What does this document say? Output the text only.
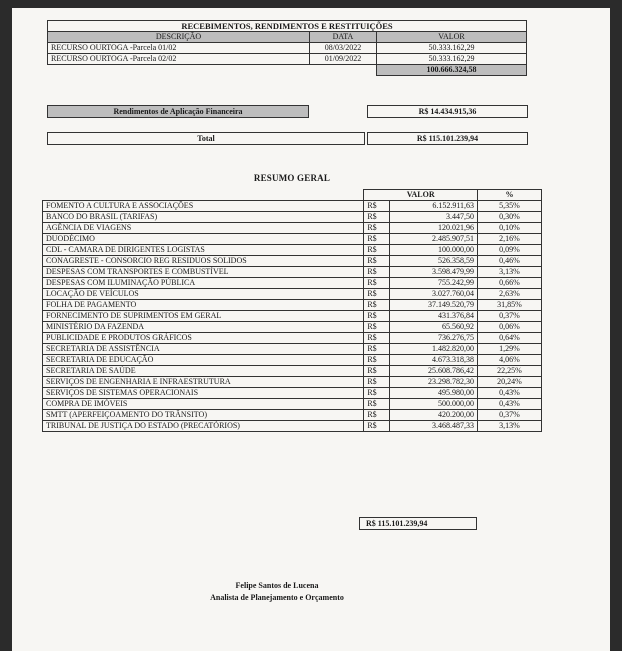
RECEBIMENTOS, RENDIMENTOS E RESTITUIÇÕES		
DESCRIÇÃO	DATA	VALOR
RECURSO OURTOGA -Parcela 01/02	08/03/2022	50.333.162,29
RECURSO OURTOGA -Parcela 02/02	01/09/2022	50.333.162,29
		100.666.324,58
Rendimentos de Aplicação Financeira	R$ 14.434.915,36
Total	R$ 115.101.239,94
RESUMO GERAL
	VALOR		%
FOMENTO A CULTURA E ASSOCIAÇÕES	R$	6.152.911,63	5,35%
BANCO DO BRASIL (TARIFAS)	R$	3.447,50	0,30%
AGÊNCIA DE VIAGENS	R$	120.021,96	0,10%
DUODÉCIMO	R$	2.485.907,51	2,16%
CDL - CAMARA DE DIRIGENTES LOGISTAS	R$	100.000,00	0,09%
CONAGRESTE - CONSORCIO REG RESIDUOS SOLIDOS	R$	526.358,59	0,46%
DESPESAS COM TRANSPORTES E COMBUSTÍVEL	R$	3.598.479,99	3,13%
DESPESAS COM ILUMINAÇÃO PÚBLICA	R$	755.242,99	0,66%
LOCAÇÃO DE VEÍCULOS	R$	3.027.760,04	2,63%
FOLHA DE PAGAMENTO	R$	37.149.520,79	31,85%
FORNECIMENTO DE SUPRIMENTOS EM GERAL	R$	431.376,84	0,37%
MINISTÉRIO DA FAZENDA	R$	65.560,92	0,06%
PUBLICIDADE E PRODUTOS GRÁFICOS	R$	736.276,75	0,64%
SECRETARIA DE ASSISTÊNCIA	R$	1.482.820,00	1,29%
SECRETARIA DE EDUCAÇÃO	R$	4.673.318,38	4,06%
SECRETARIA DE SAÚDE	R$	25.608.786,42	22,25%
SERVIÇOS DE ENGENHARIA E INFRAESTRUTURA	R$	23.298.782,30	20,24%
SERVIÇOS DE SISTEMAS OPERACIONAIS	R$	495.980,00	0,43%
COMPRA DE IMÓVEIS	R$	500.000,00	0,43%
SMTT (APERFEIÇOAMENTO DO TRÂNSITO)	R$	420.200,00	0,37%
TRIBUNAL DE JUSTIÇA DO ESTADO (PRECATÓRIOS)	R$	3.468.487,33	3,13%
R$ 115.101.239,94
Felipe Santos de Lucena
Analista de Planejamento e Orçamento
